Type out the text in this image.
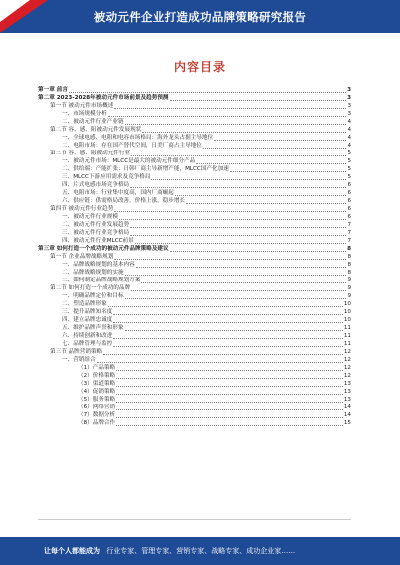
被动元件企业打造成功品牌策略研究报告
内容目录
第一章 前言	3
第二章 2023-2028年被动元件市场前景及趋势预测	3
第一节 被动元件市场概述	3
一、市场规模分析	3
二、被动元件行业产业链	4
第二节 容、感、阻被动元件发展现状	4
一、全球电感、电阻和电容市场格局：海外龙头占据主导地位	4
二、电阻市场：存在国产替代空间，日美厂商占主导地位	4
第三节 容、感、阻被动元件行业	5
一、被动元件市场：MLCC是最大的被动元件细分产品	5
二、供给端：产能扩张：日韩厂商主导新增产能，MLCC国产化加速	5
三、MLCC下游应用需求及竞争格局	5
四、片式电感市场竞争格局	6
五、电阻市场：行业集中度高，国内厂商崛起	6
六、供应链：供需格局改善，价格上涨，稳步增长	6
第四节 被动元件行业趋势	6
一、被动元件行业规模	6
二、被动元件行业发展趋势	7
三、被动元件行业竞争格局	7
四、被动元件行业MLCC前景	7
第三章 如何打造一个成功的被动元件品牌策略及建议	8
第一节 企业品牌战略规划	8
一、品牌战略规划的基本内容	8
二、品牌战略规划的实施	8
三、如何制定品牌战略规划方案	9
第二节 如何打造一个成功的品牌	9
一、明确品牌定位和目标	9
二、塑造品牌形象	10
三、提升品牌知名度	10
四、建立品牌忠诚度	10
五、维护品牌声誉和形象	11
六、持续创新和改进	11
七、品牌管理与监控	11
第三节 品牌营销策略	12
一、营销组合	12
（1）产品策略	12
（2）价格策略	12
（3）渠道策略	13
（4）促销策略	13
（5）服务策略	13
（6）网络营销	14
（7）数据分析	14
（8）品牌合作	15
让每个人都能成为 行业专家、管理专家、营销专家、战略专家、成功企业家……
